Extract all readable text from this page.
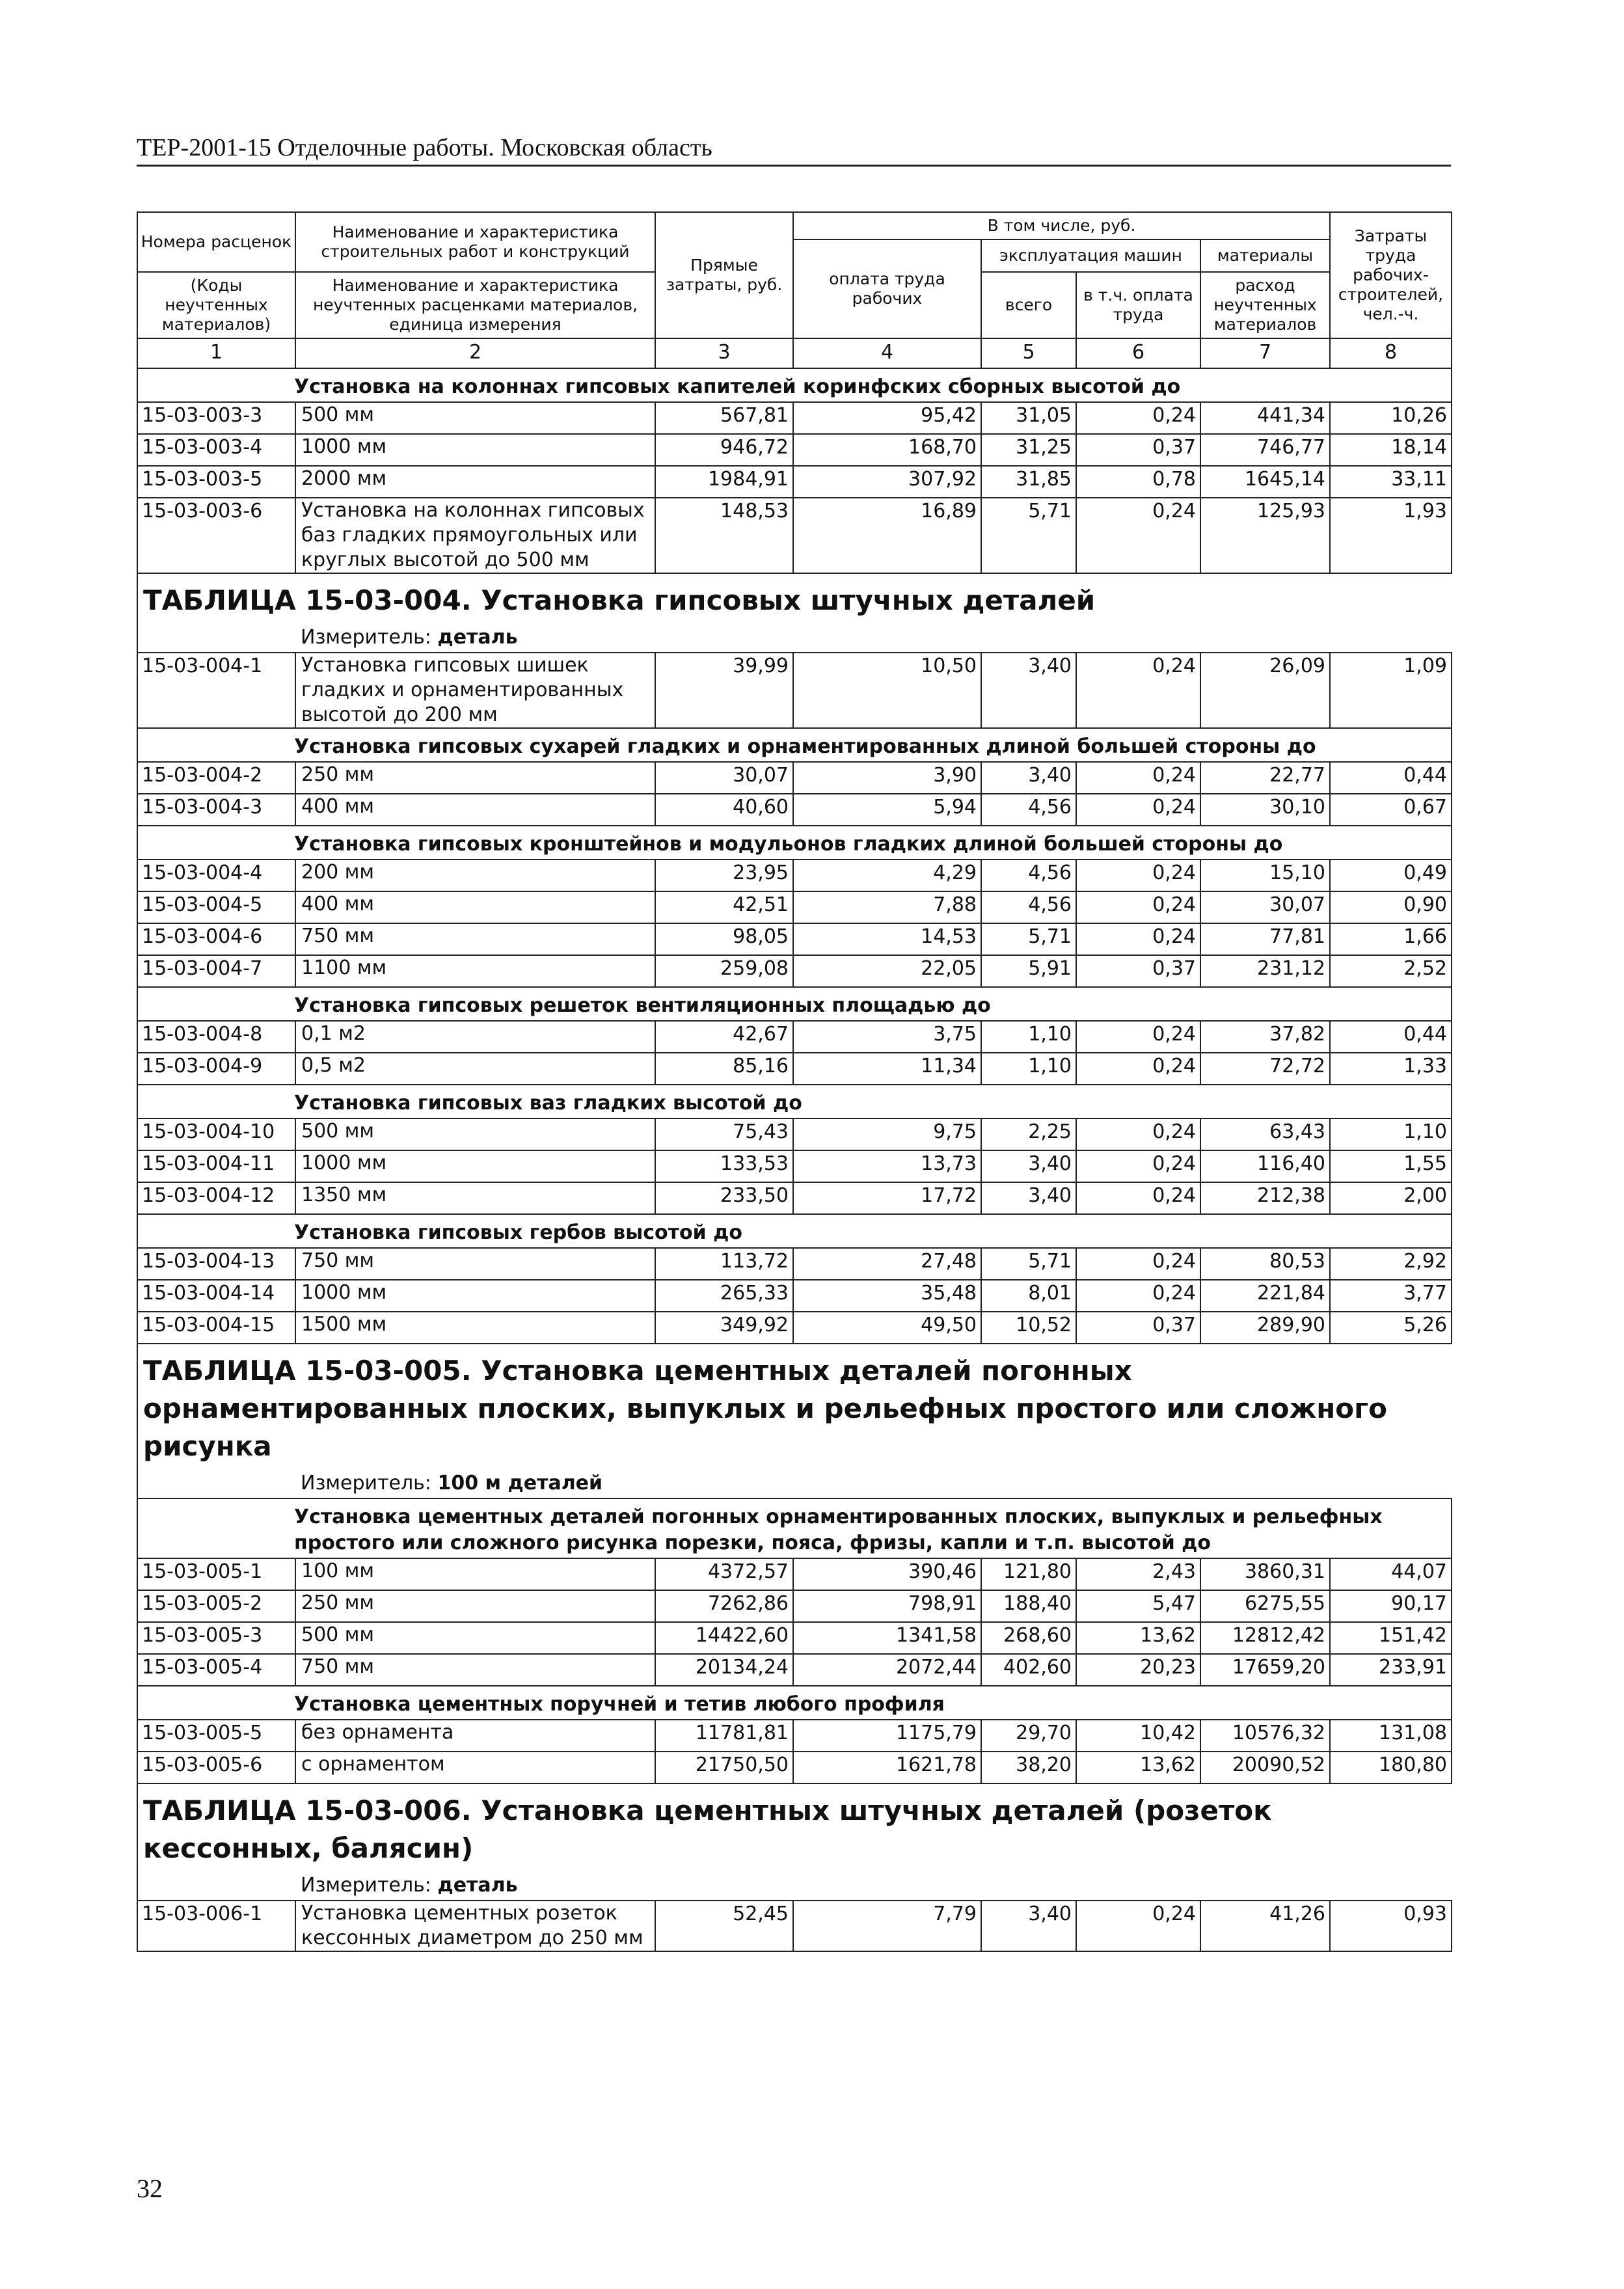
ТЕР-2001-15 Отделочные работы. Московская область
Номера расценок	Наименование и характеристика строительных работ и конструкций	Прямые затраты, руб.	В том числе, руб.				Затраты труда рабочих-строителей, чел.-ч.
			оплата труда рабочих	эксплуатация машин		материалы	
(Коды неучтенных материалов)	Наименование и характеристика неучтенных расценками материалов, единица измерения			всего	в т.ч. оплата труда	расход неучтенных материалов	

1	2	3	4	5	6	7	8
Установка на колоннах гипсовых капителей коринфских сборных высотой до							
15-03-003-3	500 мм	567,81	95,42	31,05	0,24	441,34	10,26
15-03-003-4	1000 мм	946,72	168,70	31,25	0,37	746,77	18,14
15-03-003-5	2000 мм	1984,91	307,92	31,85	0,78	1645,14	33,11
15-03-003-6	Установка на колоннах гипсовых баз гладких прямоугольных или круглых высотой до 500 мм	148,53	16,89	5,71	0,24	125,93	1,93
ТАБЛИЦА 15-03-004. Установка гипсовых штучных деталей							
Измеритель: деталь							
15-03-004-1	Установка гипсовых шишек гладких и орнаментированных высотой до 200 мм	39,99	10,50	3,40	0,24	26,09	1,09
Установка гипсовых сухарей гладких и орнаментированных длиной большей стороны до							
15-03-004-2	250 мм	30,07	3,90	3,40	0,24	22,77	0,44
15-03-004-3	400 мм	40,60	5,94	4,56	0,24	30,10	0,67
Установка гипсовых кронштейнов и модульонов гладких длиной большей стороны до							
15-03-004-4	200 мм	23,95	4,29	4,56	0,24	15,10	0,49
15-03-004-5	400 мм	42,51	7,88	4,56	0,24	30,07	0,90
15-03-004-6	750 мм	98,05	14,53	5,71	0,24	77,81	1,66
15-03-004-7	1100 мм	259,08	22,05	5,91	0,37	231,12	2,52
Установка гипсовых решеток вентиляционных площадью до							
15-03-004-8	0,1 м2	42,67	3,75	1,10	0,24	37,82	0,44
15-03-004-9	0,5 м2	85,16	11,34	1,10	0,24	72,72	1,33
Установка гипсовых ваз гладких высотой до							
15-03-004-10	500 мм	75,43	9,75	2,25	0,24	63,43	1,10
15-03-004-11	1000 мм	133,53	13,73	3,40	0,24	116,40	1,55
15-03-004-12	1350 мм	233,50	17,72	3,40	0,24	212,38	2,00
Установка гипсовых гербов высотой до							
15-03-004-13	750 мм	113,72	27,48	5,71	0,24	80,53	2,92
15-03-004-14	1000 мм	265,33	35,48	8,01	0,24	221,84	3,77
15-03-004-15	1500 мм	349,92	49,50	10,52	0,37	289,90	5,26
ТАБЛИЦА 15-03-005. Установка цементных деталей погонных орнаментированных плоских, выпуклых и рельефных простого или сложного рисунка							
Измеритель: 100 м деталей							
Установка цементных деталей погонных орнаментированных плоских, выпуклых и рельефных простого или сложного рисунка порезки, пояса, фризы, капли и т.п. высотой до							
15-03-005-1	100 мм	4372,57	390,46	121,80	2,43	3860,31	44,07
15-03-005-2	250 мм	7262,86	798,91	188,40	5,47	6275,55	90,17
15-03-005-3	500 мм	14422,60	1341,58	268,60	13,62	12812,42	151,42
15-03-005-4	750 мм	20134,24	2072,44	402,60	20,23	17659,20	233,91
Установка цементных поручней и тетив любого профиля							
15-03-005-5	без орнамента	11781,81	1175,79	29,70	10,42	10576,32	131,08
15-03-005-6	с орнаментом	21750,50	1621,78	38,20	13,62	20090,52	180,80
ТАБЛИЦА 15-03-006. Установка цементных штучных деталей (розеток кессонных, балясин)							
Измеритель: деталь							
15-03-006-1	Установка цементных розеток кессонных диаметром до 250 мм	52,45	7,79	3,40	0,24	41,26	0,93
32
